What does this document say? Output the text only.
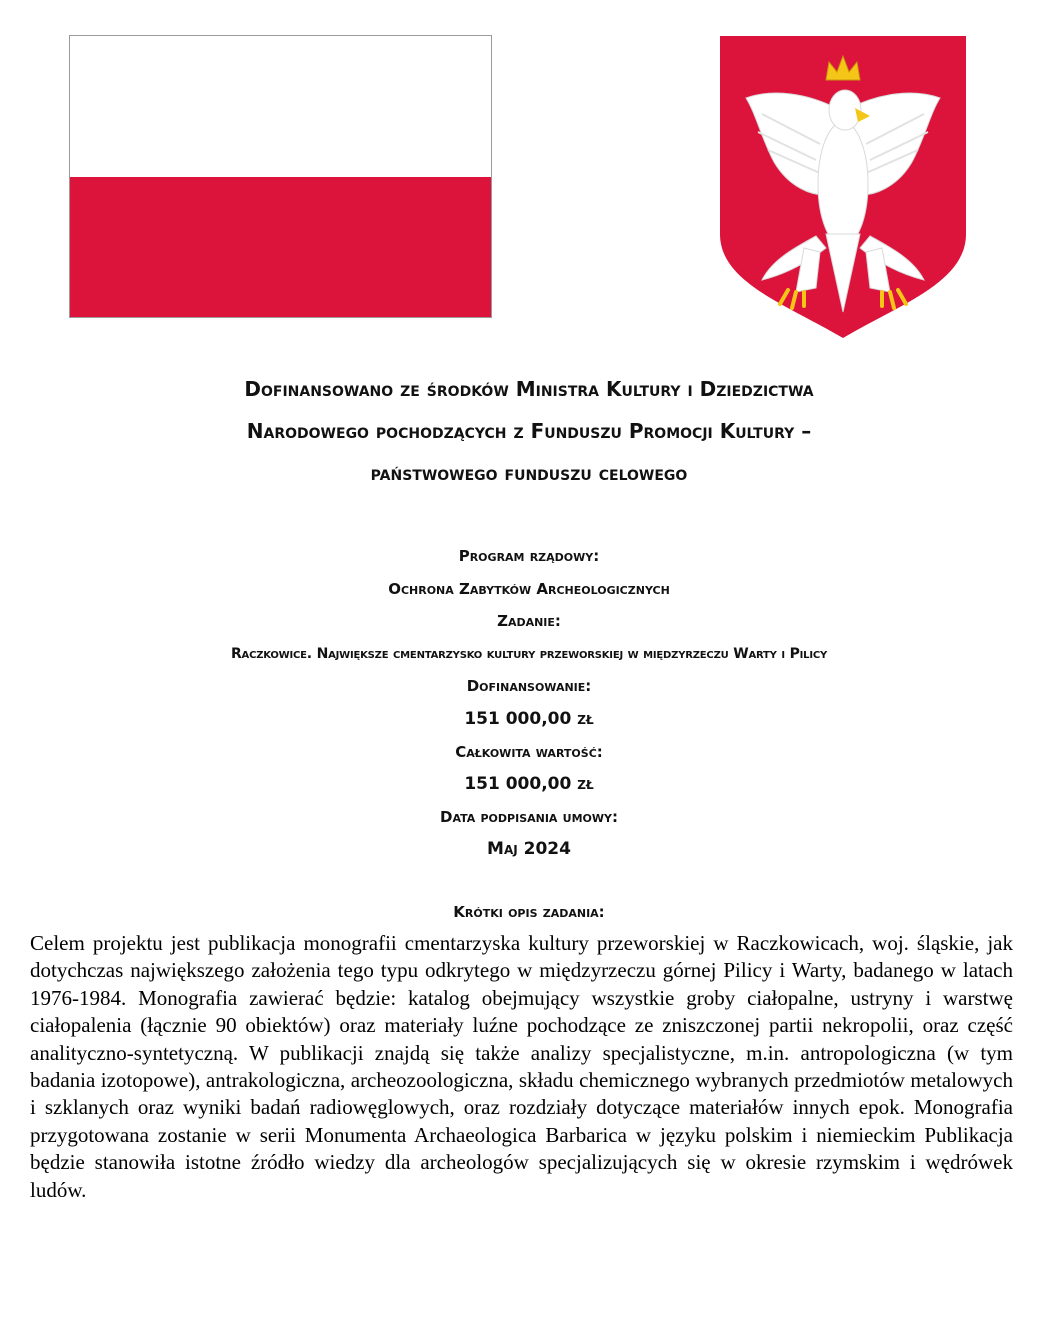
Dofinansowano ze środków Ministra Kultury i Dziedzictwa
Narodowego pochodzących z Funduszu Promocji Kultury –
państwowego funduszu celowego
Program rządowy:
Ochrona Zabytków Archeologicznych
Zadanie:
Raczkowice. Największe cmentarzysko kultury przeworskiej w międzyrzeczu Warty i Pilicy
Dofinansowanie:
151 000,00 zł
Całkowita wartość:
151 000,00 zł
Data podpisania umowy:
Maj 2024
Krótki opis zadania:

Celem projektu jest publikacja monografii cmentarzyska kultury przeworskiej w Raczkowicach, woj. śląskie, jak dotychczas największego założenia tego typu odkrytego w międzyrzeczu górnej Pilicy i Warty, badanego w latach 1976-1984. Monografia zawierać będzie: katalog obejmujący wszystkie groby ciałopalne, ustryny i warstwę ciałopalenia (łącznie 90 obiektów) oraz materiały luźne pochodzące ze zniszczonej partii nekropolii, oraz część analityczno-syntetyczną. W publikacji znajdą się także analizy specjalistyczne, m.in. antropologiczna (w tym badania izotopowe), antrakologiczna, archeozoologiczna, składu chemicznego wybranych przedmiotów metalowych i szklanych oraz wyniki badań radiowęglowych, oraz rozdziały dotyczące materiałów innych epok. Monografia przygotowana zostanie w serii Monumenta Archaeologica Barbarica w języku polskim i niemieckim Publikacja będzie stanowiła istotne źródło wiedzy dla archeologów specjalizujących się w okresie rzymskim i wędrówek ludów.
